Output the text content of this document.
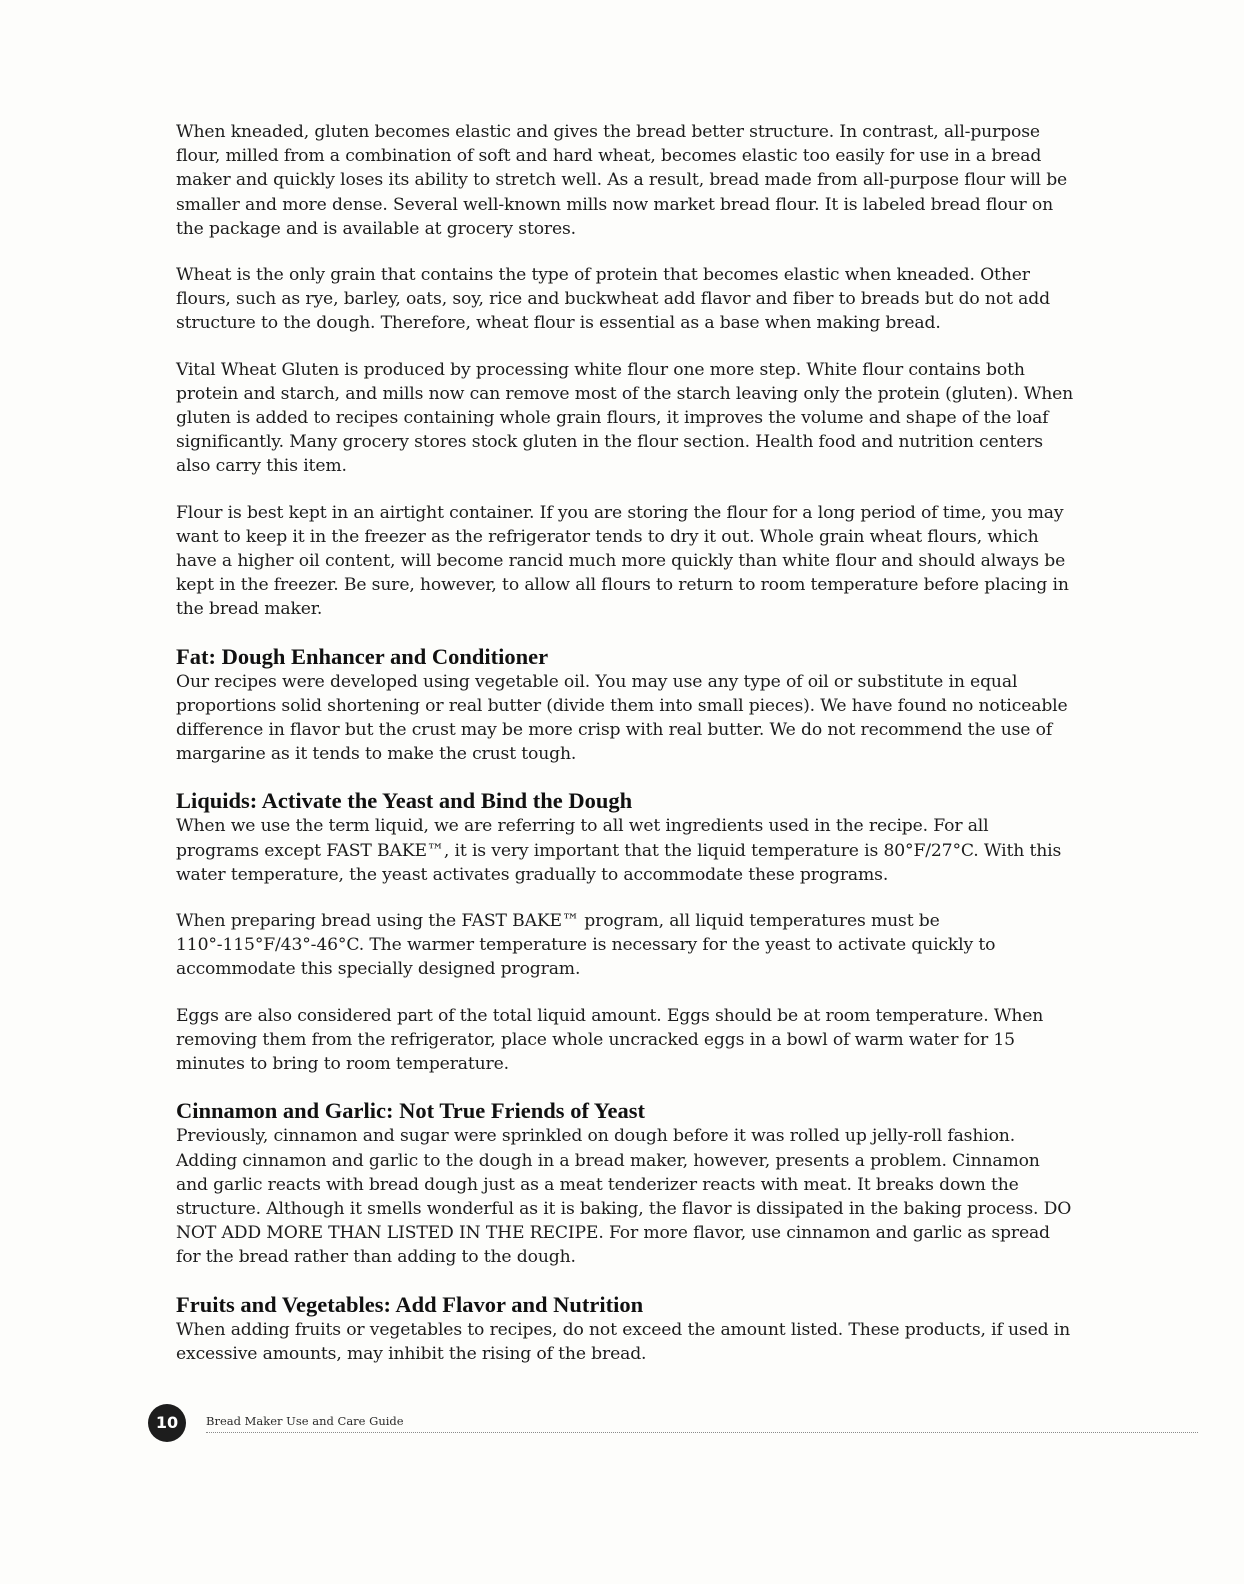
When kneaded, gluten becomes elastic and gives the bread better structure. In contrast, all-purpose flour, milled from a combination of soft and hard wheat, becomes elastic too easily for use in a bread maker and quickly loses its ability to stretch well. As a result, bread made from all-purpose flour will be smaller and more dense. Several well-known mills now market bread flour. It is labeled bread flour on the package and is available at grocery stores.

Wheat is the only grain that contains the type of protein that becomes elastic when kneaded. Other flours, such as rye, barley, oats, soy, rice and buckwheat add flavor and fiber to breads but do not add structure to the dough. Therefore, wheat flour is essential as a base when making bread.

Vital Wheat Gluten is produced by processing white flour one more step. White flour contains both protein and starch, and mills now can remove most of the starch leaving only the protein (gluten). When gluten is added to recipes containing whole grain flours, it improves the volume and shape of the loaf significantly. Many grocery stores stock gluten in the flour section. Health food and nutrition centers also carry this item.

Flour is best kept in an airtight container. If you are storing the flour for a long period of time, you may want to keep it in the freezer as the refrigerator tends to dry it out. Whole grain wheat flours, which have a higher oil content, will become rancid much more quickly than white flour and should always be kept in the freezer. Be sure, however, to allow all flours to return to room temperature before placing in the bread maker.

Fat: Dough Enhancer and Conditioner

Our recipes were developed using vegetable oil. You may use any type of oil or substitute in equal proportions solid shortening or real butter (divide them into small pieces). We have found no noticeable difference in flavor but the crust may be more crisp with real butter. We do not recommend the use of margarine as it tends to make the crust tough.

Liquids: Activate the Yeast and Bind the Dough

When we use the term liquid, we are referring to all wet ingredients used in the recipe. For all programs except FAST BAKE™, it is very important that the liquid temperature is 80°F/27°C. With this water temperature, the yeast activates gradually to accommodate these programs.

When preparing bread using the FAST BAKE™ program, all liquid temperatures must be 110°-115°F/43°-46°C. The warmer temperature is necessary for the yeast to activate quickly to accommodate this specially designed program.

Eggs are also considered part of the total liquid amount. Eggs should be at room temperature. When removing them from the refrigerator, place whole uncracked eggs in a bowl of warm water for 15 minutes to bring to room temperature.

Cinnamon and Garlic: Not True Friends of Yeast

Previously, cinnamon and sugar were sprinkled on dough before it was rolled up jelly-roll fashion. Adding cinnamon and garlic to the dough in a bread maker, however, presents a problem. Cinnamon and garlic reacts with bread dough just as a meat tenderizer reacts with meat. It breaks down the structure. Although it smells wonderful as it is baking, the flavor is dissipated in the baking process. DO NOT ADD MORE THAN LISTED IN THE RECIPE. For more flavor, use cinnamon and garlic as spread for the bread rather than adding to the dough.

Fruits and Vegetables: Add Flavor and Nutrition

When adding fruits or vegetables to recipes, do not exceed the amount listed. These products, if used in excessive amounts, may inhibit the rising of the bread.

10	Bread Maker Use and Care Guide
